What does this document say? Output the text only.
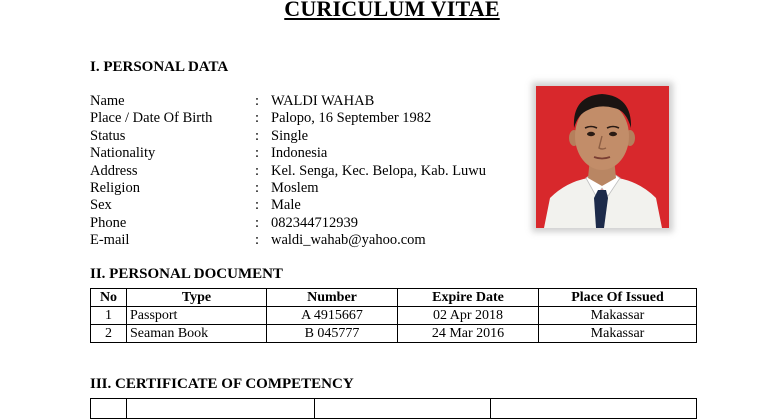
CURICULUM VITAE
I. PERSONAL DATA
Name	: WALDI WAHAB
Place / Date Of Birth	: Palopo, 16 September 1982
Status	: Single
Nationality	: Indonesia
Address	: Kel. Senga, Kec. Belopa, Kab. Luwu
Religion	: Moslem
Sex	: Male
Phone	: 082344712939
E-mail	: waldi_wahab@yahoo.com
II. PERSONAL DOCUMENT
No	Type	Number	Expire Date	Place Of Issued
1	Passport	A 4915667	02 Apr 2018	Makassar
2	Seaman Book	B 045777	24 Mar 2016	Makassar
III. CERTIFICATE OF COMPETENCY
